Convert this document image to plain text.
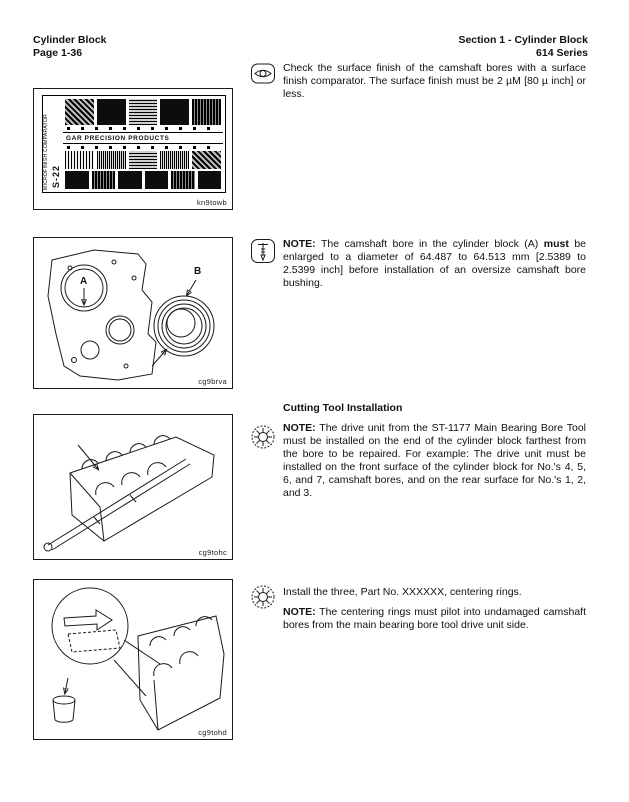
Cylinder Block
Page 1-36
Section 1 - Cylinder Block
614 Series
MICROFINISH COMPARATOR S-22
GAR PRECISION PRODUCTS
kn9towb
A
B
cg9brva
cg9tohc
cg9tohd

Check the surface finish of the camshaft bores with a surface finish comparator. The surface finish must be 2 µM [80 µ inch] or less.

NOTE: The camshaft bore in the cylinder block (A) must be enlarged to a diameter of 64.487 to 64.513 mm [2.5389 to 2.5399 inch] before installation of an oversize camshaft bore bushing.

Cutting Tool Installation

NOTE: The drive unit from the ST-1177 Main Bearing Bore Tool must be installed on the end of the cylinder block farthest from the bore to be repaired. For example: The drive unit must be installed on the front surface of the cylinder block for No.'s 4, 5, 6, and 7, camshaft bores, and on the rear surface for No.'s 1, 2, and 3.

Install the three, Part No. XXXXXX, centering rings.

NOTE: The centering rings must pilot into undamaged camshaft bores from the main bearing bore tool drive unit side.
